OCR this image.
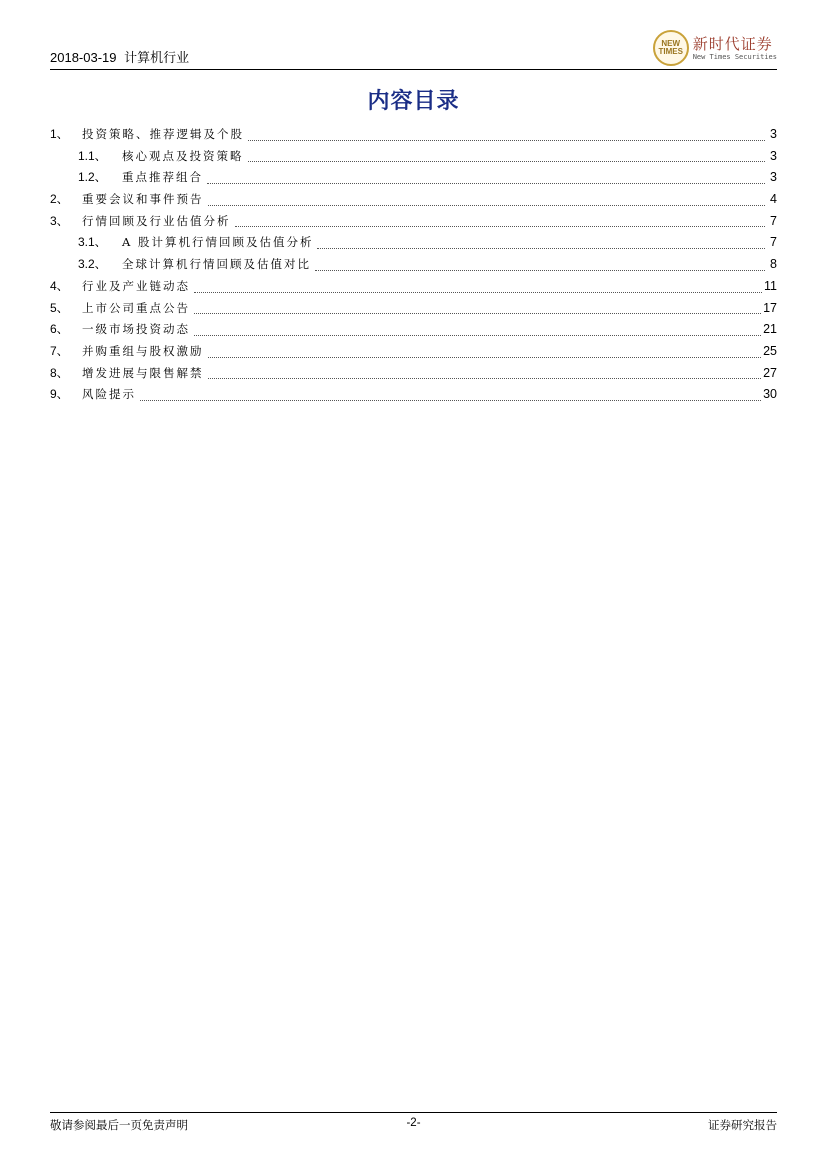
2018-03-19 计算机行业
NEW
TIMES 新时代证券
New Times Securities
内容目录
1、	投资策略、推荐逻辑及个股	3
1.1、	核心观点及投资策略	3
1.2、	重点推荐组合	3
2、	重要会议和事件预告	4
3、	行情回顾及行业估值分析	7
3.1、	A 股计算机行情回顾及估值分析	7
3.2、	全球计算机行情回顾及估值对比	8
4、	行业及产业链动态	11
5、	上市公司重点公告	17
6、	一级市场投资动态	21
7、	并购重组与股权激励	25
8、	增发进展与限售解禁	27
9、	风险提示	30
敬请参阅最后一页免责声明	-2-	证券研究报告
